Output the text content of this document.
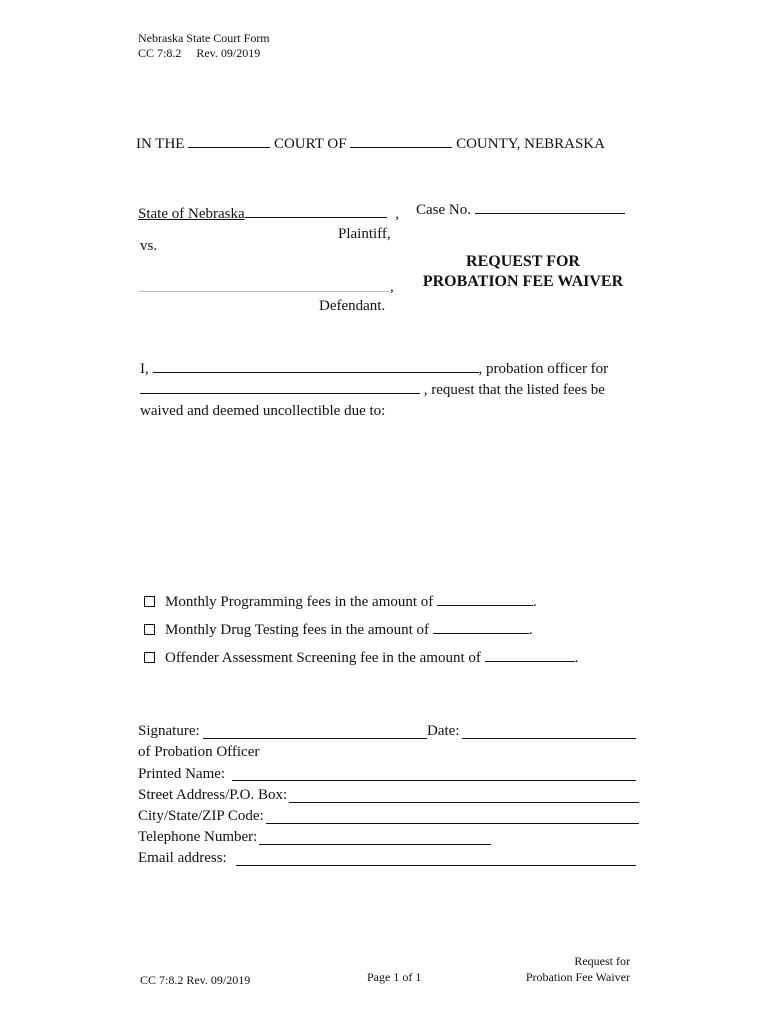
Nebraska State Court Form
CC 7:8.2 Rev. 09/2019
IN THE	COURT OF	COUNTY, NEBRASKA
State of Nebraska	,
Plaintiff,
vs.
,
Defendant.
Case No.
REQUEST FOR
PROBATION FEE WAIVER
I,	, probation officer for
, request that the listed fees be
waived and deemed uncollectible due to:
Monthly Programming fees in the amount of	.
Monthly Drug Testing fees in the amount of	.
Offender Assessment Screening fee in the amount of	.
Signature:	Date:
of Probation Officer
Printed Name:
Street Address/P.O. Box:
City/State/ZIP Code:
Telephone Number:
Email address:
CC 7:8.2 Rev. 09/2019	Page 1 of 1
Request for
Probation Fee Waiver
